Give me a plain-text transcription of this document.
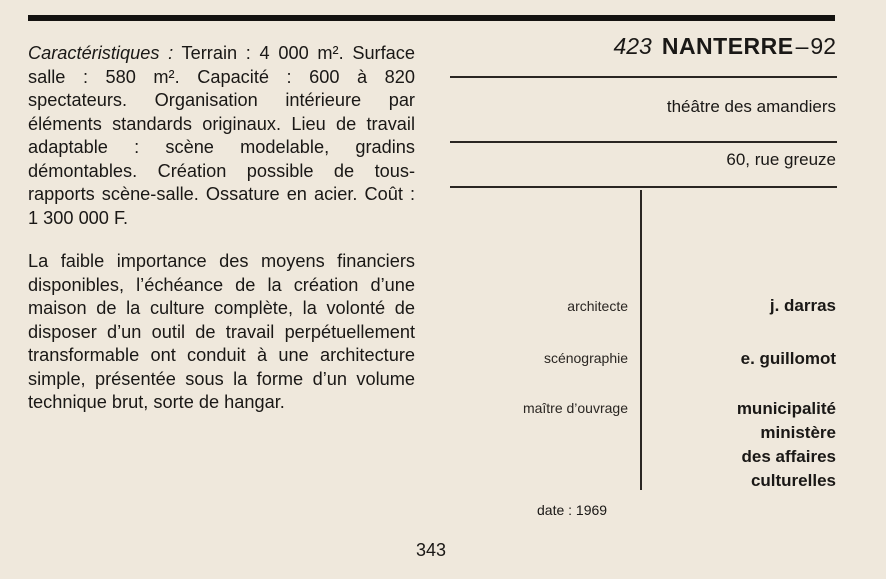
Caractéristiques : Terrain : 4 000 m². Surface salle : 580 m². Capacité : 600 à 820 spectateurs. Organisation intérieure par éléments standards originaux. Lieu de travail adaptable : scène modelable, gradins démontables. Création possible de tous-rapports scène-salle. Ossature en acier. Coût : 1 300 000 F.

La faible importance des moyens financiers disponibles, l’échéance de la création d’une maison de la culture complète, la volonté de disposer d’un outil de travail perpétuellement transformable ont conduit à une architecture simple, présentée sous la forme d’un volume technique brut, sorte de hangar.

423 NANTERRE–92
théâtre des amandiers
60, rue greuze
architecte	j. darras
scénographie	e. guillomot
maître d’ouvrage	municipalité
ministère
des affaires
culturelles
date : 1969
343
